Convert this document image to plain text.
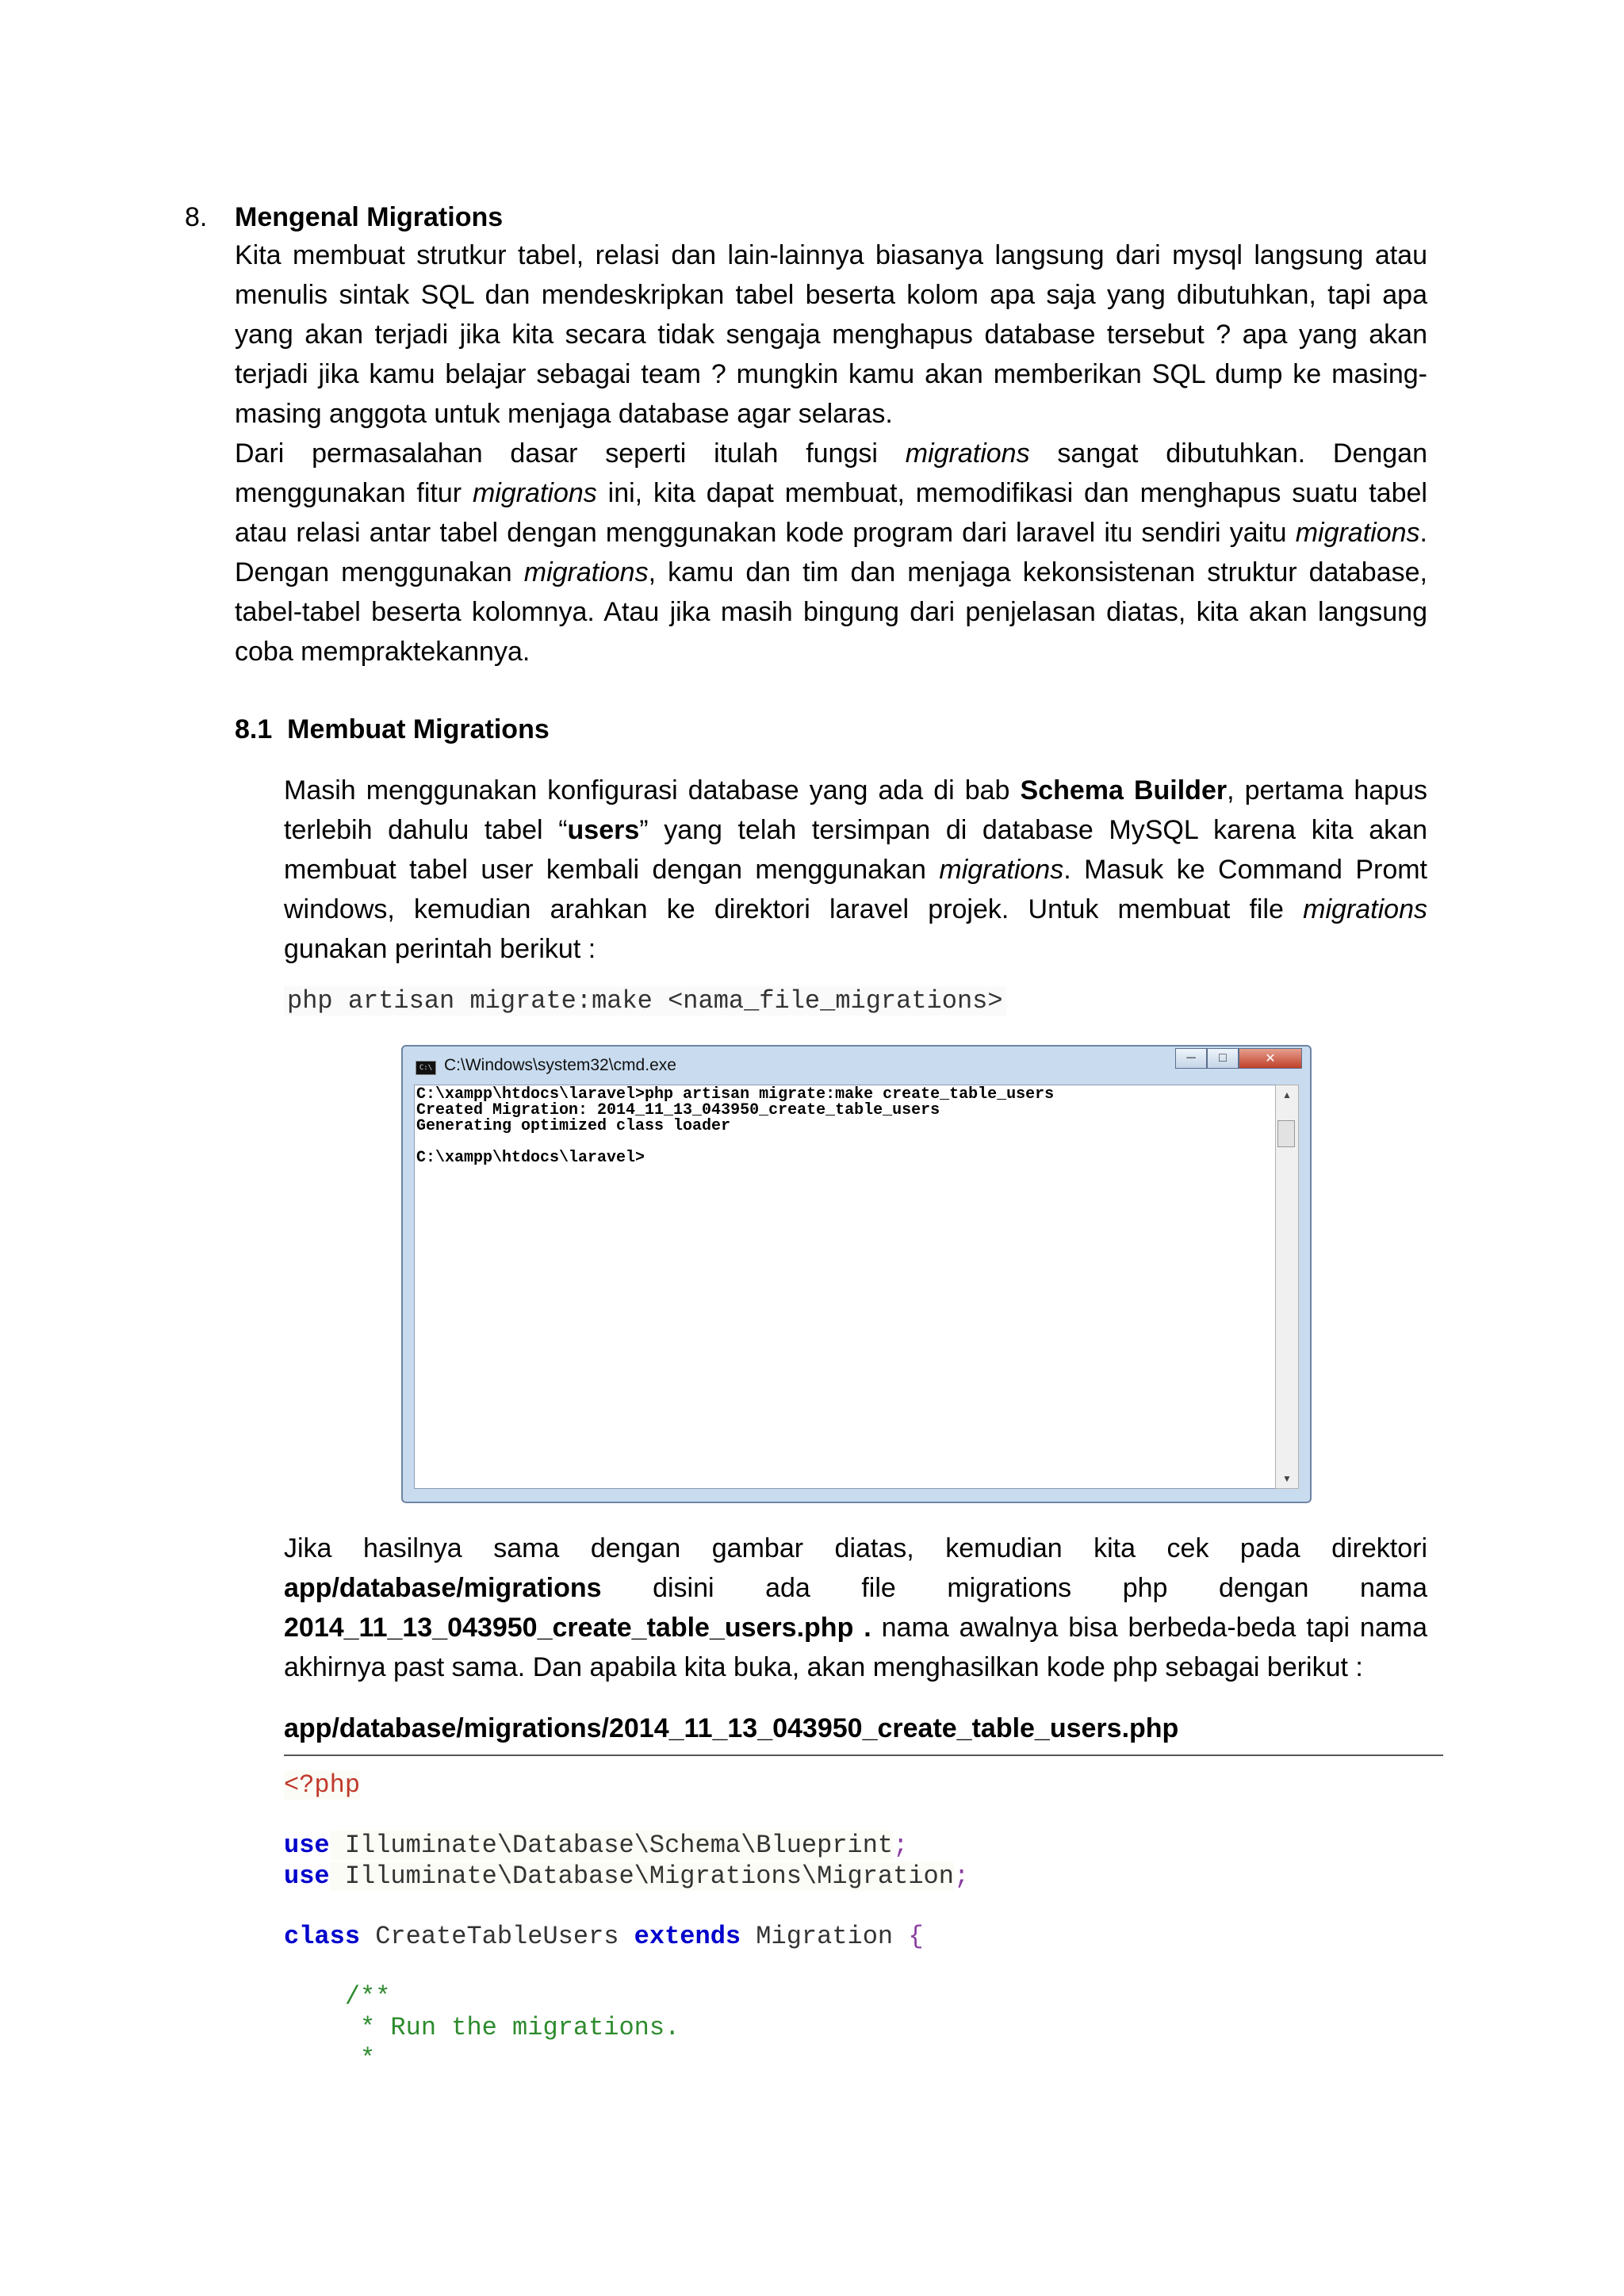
8. Mengenal Migrations
Kita membuat strutkur tabel, relasi dan lain-lainnya biasanya langsung dari mysql langsung atau
menulis sintak SQL dan mendeskripkan tabel beserta kolom apa saja yang dibutuhkan, tapi apa
yang akan terjadi jika kita secara tidak sengaja menghapus database tersebut ? apa yang akan
terjadi jika kamu belajar sebagai team ? mungkin kamu akan memberikan SQL dump ke masing-
masing anggota untuk menjaga database agar selaras.
Dari permasalahan dasar seperti itulah fungsi migrations sangat dibutuhkan. Dengan
menggunakan fitur migrations ini, kita dapat membuat, memodifikasi dan menghapus suatu tabel
atau relasi antar tabel dengan menggunakan kode program dari laravel itu sendiri yaitu migrations.
Dengan menggunakan migrations, kamu dan tim dan menjaga kekonsistenan struktur database,
tabel-tabel beserta kolomnya. Atau jika masih bingung dari penjelasan diatas, kita akan langsung
coba mempraktekannya.
8.1 Membuat Migrations
Masih menggunakan konfigurasi database yang ada di bab Schema Builder, pertama hapus
terlebih dahulu tabel “users” yang telah tersimpan di database MySQL karena kita akan
membuat tabel user kembali dengan menggunakan migrations. Masuk ke Command Promt
windows, kemudian arahkan ke direktori laravel projek. Untuk membuat file migrations
gunakan perintah berikut :
php artisan migrate:make <nama_file_migrations>
C:\ C:\Windows\system32\cmd.exe	─	□	✕
C:\xampp\htdocs\laravel>php artisan migrate:make create_table_users
Created Migration: 2014_11_13_043950_create_table_users
Generating optimized class loader

C:\xampp\htdocs\laravel>
▲
▼
Jika hasilnya sama dengan gambar diatas, kemudian kita cek pada direktori
app/database/migrations disini ada file migrations php dengan nama
2014_11_13_043950_create_table_users.php . nama awalnya bisa berbeda-beda tapi nama
akhirnya past sama. Dan apabila kita buka, akan menghasilkan kode php sebagai berikut :
app/database/migrations/2014_11_13_043950_create_table_users.php
<?php
use Illuminate\Database\Schema\Blueprint;
use Illuminate\Database\Migrations\Migration;
class CreateTableUsers extends Migration {
/**
* Run the migrations.
*
